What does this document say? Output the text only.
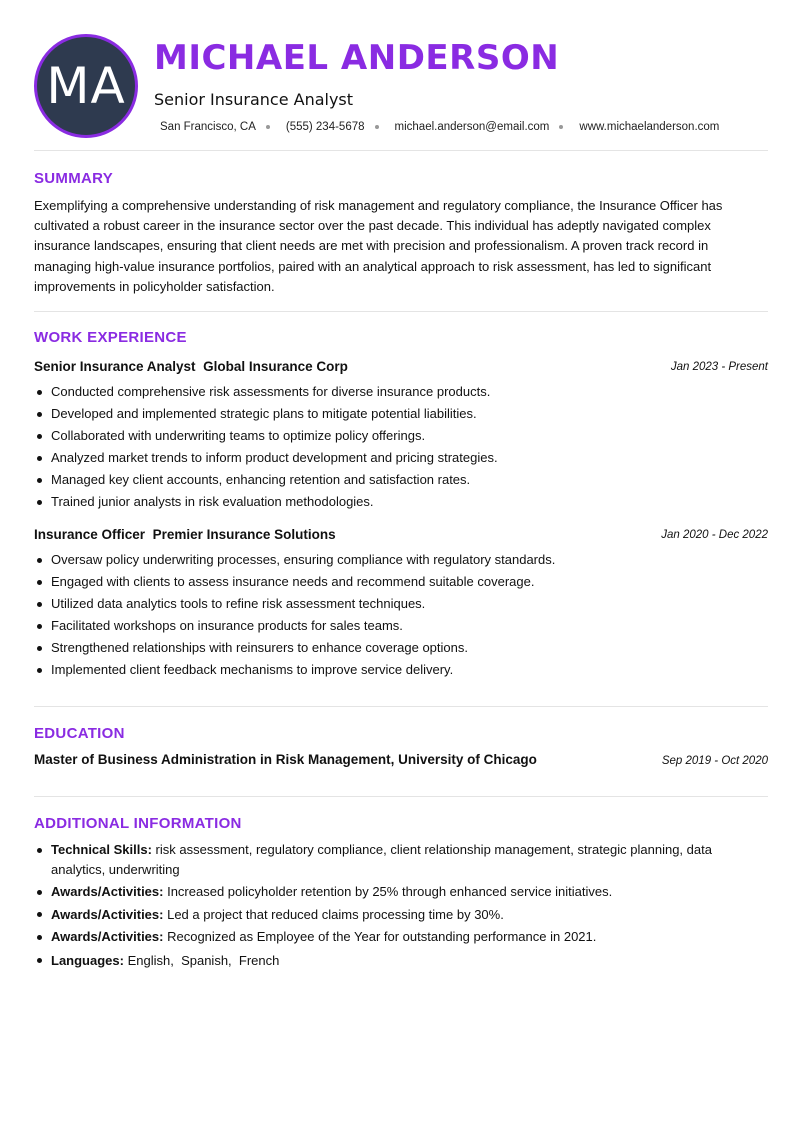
MA MICHAEL ANDERSON
Senior Insurance Analyst
San Francisco, CA	(555) 234-5678	michael.anderson@email.com	www.michaelanderson.com
SUMMARY
Exemplifying a comprehensive understanding of risk management and regulatory compliance, the Insurance Officer has cultivated a robust career in the insurance sector over the past decade. This individual has adeptly navigated complex insurance landscapes, ensuring that client needs are met with precision and professionalism. A proven track record in managing high-value insurance portfolios, paired with an analytical approach to risk assessment, has led to significant improvements in policyholder satisfaction.
WORK EXPERIENCE
Senior Insurance Analyst Global Insurance Corp	Jan 2023 - Present
Conducted comprehensive risk assessments for diverse insurance products.
Developed and implemented strategic plans to mitigate potential liabilities.
Collaborated with underwriting teams to optimize policy offerings.
Analyzed market trends to inform product development and pricing strategies.
Managed key client accounts, enhancing retention and satisfaction rates.
Trained junior analysts in risk evaluation methodologies.
Insurance Officer Premier Insurance Solutions	Jan 2020 - Dec 2022
Oversaw policy underwriting processes, ensuring compliance with regulatory standards.
Engaged with clients to assess insurance needs and recommend suitable coverage.
Utilized data analytics tools to refine risk assessment techniques.
Facilitated workshops on insurance products for sales teams.
Strengthened relationships with reinsurers to enhance coverage options.
Implemented client feedback mechanisms to improve service delivery.
EDUCATION
Master of Business Administration in Risk Management, University of Chicago	Sep 2019 - Oct 2020
ADDITIONAL INFORMATION
Technical Skills: risk assessment, regulatory compliance, client relationship management, strategic planning, data analytics, underwriting
Awards/Activities: Increased policyholder retention by 25% through enhanced service initiatives.
Awards/Activities: Led a project that reduced claims processing time by 30%.
Awards/Activities: Recognized as Employee of the Year for outstanding performance in 2021.
Languages: English,  Spanish,  French
